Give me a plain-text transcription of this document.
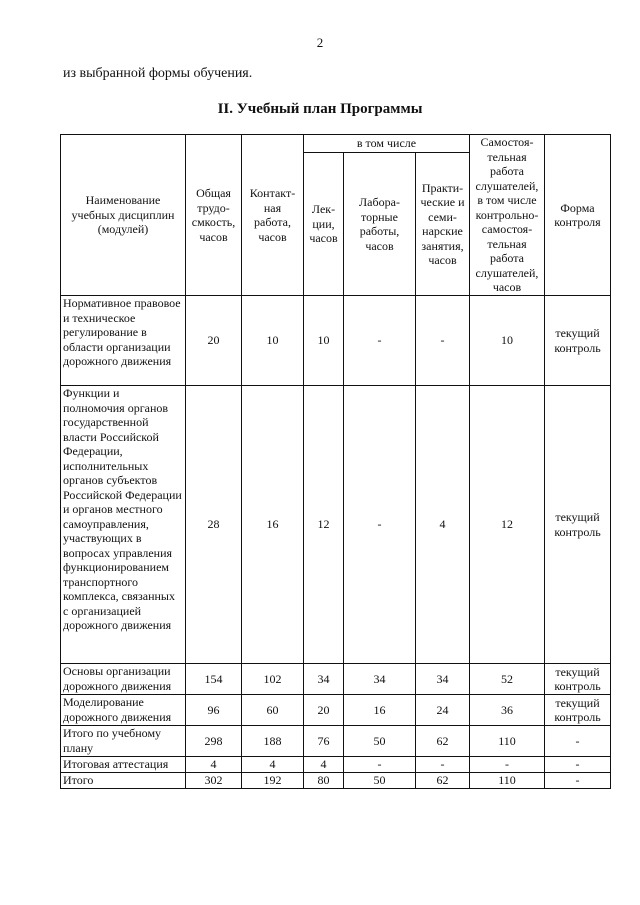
2
из выбранной формы обучения.
II. Учебный план Программы
Наименование учебных дисциплин (модулей)	Общая трудо-смкость, часов	Контакт-ная работа, часов	в том числе			Самостоя-тельная работа слушателей, в том числе контрольно-самостоя-тельная работа слушателей, часов	Форма контроля
			Лек-ции, часов	Лабора-торные работы, часов	Практи-ческие и семи-нарские занятия, часов		
Нормативное правовое и техническое регулирование в области организации дорожного движения	20	10	10	-	-	10	текущий контроль
Функции и полномочия органов государственной власти Российской Федерации, исполнительных органов субъектов Российской Федерации и органов местного самоуправления, участвующих в вопросах управления функционированием транспортного комплекса, связанных с организацией дорожного движения	28	16	12	-	4	12	текущий контроль
Основы организации дорожного движения	154	102	34	34	34	52	текущий контроль
Моделирование дорожного движения	96	60	20	16	24	36	текущий контроль
Итого по учебному плану	298	188	76	50	62	110	-
Итоговая аттестация	4	4	4	-	-	-	-
Итого	302	192	80	50	62	110	-
